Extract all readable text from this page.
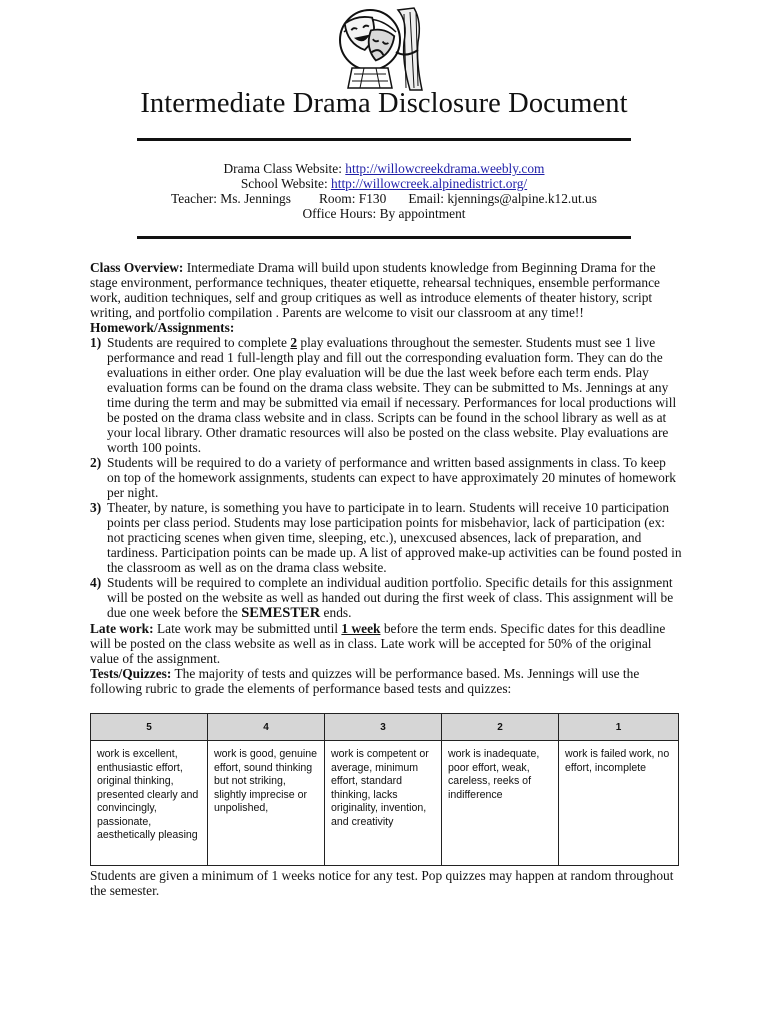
Intermediate Drama Disclosure Document
Drama Class Website: http://willowcreekdrama.weebly.com
School Website: http://willowcreek.alpinedistrict.org/
Teacher: Ms. Jennings Room: F130 Email: kjennings@alpine.k12.ut.us
Office Hours: By appointment

Class Overview: Intermediate Drama will build upon students knowledge from Beginning Drama for the stage environment, performance techniques, theater etiquette, rehearsal techniques, ensemble performance work, audition techniques, self and group critiques as well as introduce elements of theater history, script writing, and portfolio compilation . Parents are welcome to visit our classroom at any time!!

Homework/Assignments:

1) Students are required to complete 2 play evaluations throughout the semester. Students must see 1 live performance and read 1 full-length play and fill out the corresponding evaluation form. They can do the evaluations in either order. One play evaluation will be due the last week before each term ends. Play evaluation forms can be found on the drama class website. They can be submitted to Ms. Jennings at any time during the term and may be submitted via email if necessary. Performances for local productions will be posted on the drama class website and in class. Scripts can be found in the school library as well as at your local library. Other dramatic resources will also be posted on the class website. Play evaluations are worth 100 points.
2) Students will be required to do a variety of performance and written based assignments in class. To keep on top of the homework assignments, students can expect to have approximately 20 minutes of homework per night.
3) Theater, by nature, is something you have to participate in to learn. Students will receive 10 participation points per class period. Students may lose participation points for misbehavior, lack of participation (ex: not practicing scenes when given time, sleeping, etc.), unexcused absences, lack of preparation, and tardiness. Participation points can be made up. A list of approved make-up activities can be found posted in the classroom as well as on the drama class website.
4) Students will be required to complete an individual audition portfolio. Specific details for this assignment will be posted on the website as well as handed out during the first week of class. This assignment will be due one week before the SEMESTER ends.

Late work: Late work may be submitted until 1 week before the term ends. Specific dates for this deadline will be posted on the class website as well as in class. Late work will be accepted for 50% of the original value of the assignment.

Tests/Quizzes: The majority of tests and quizzes will be performance based. Ms. Jennings will use the following rubric to grade the elements of performance based tests and quizzes:

5	4	3	2	1
work is excellent, enthusiastic effort, original thinking, presented clearly and convincingly, passionate, aesthetically pleasing	work is good, genuine effort, sound thinking but not striking, slightly imprecise or unpolished,	work is competent or average, minimum effort, standard thinking, lacks originality, invention, and creativity	work is inadequate, poor effort, weak, careless, reeks of indifference	work is failed work, no effort, incomplete
Students are given a minimum of 1 weeks notice for any test. Pop quizzes may happen at random throughout the semester.
